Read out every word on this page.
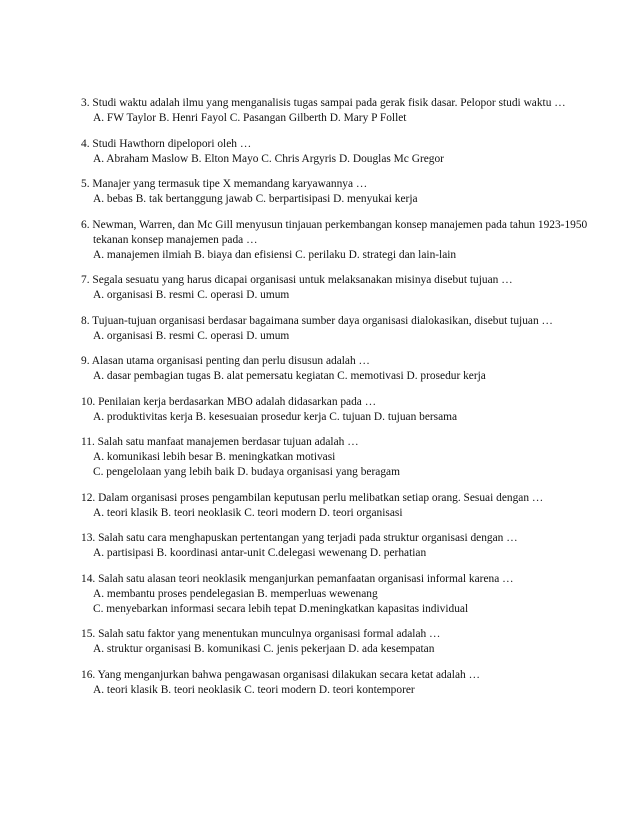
3. Studi waktu adalah ilmu yang menganalisis tugas sampai pada gerak fisik dasar. Pelopor studi waktu …
A. FW Taylor B. Henri Fayol C. Pasangan Gilberth D. Mary P Follet
4. Studi Hawthorn dipelopori oleh …
A. Abraham Maslow B. Elton Mayo C. Chris Argyris D. Douglas Mc Gregor
5. Manajer yang termasuk tipe X memandang karyawannya …
A. bebas B. tak bertanggung jawab C. berpartisipasi D. menyukai kerja
6. Newman, Warren, dan Mc Gill menyusun tinjauan perkembangan konsep manajemen pada tahun 1923-1950
tekanan konsep manajemen pada …
A. manajemen ilmiah B. biaya dan efisiensi C. perilaku D. strategi dan lain-lain
7. Segala sesuatu yang harus dicapai organisasi untuk melaksanakan misinya disebut tujuan …
A. organisasi B. resmi C. operasi D. umum
8. Tujuan-tujuan organisasi berdasar bagaimana sumber daya organisasi dialokasikan, disebut tujuan …
A. organisasi B. resmi C. operasi D. umum
9. Alasan utama organisasi penting dan perlu disusun adalah …
A. dasar pembagian tugas B. alat pemersatu kegiatan C. memotivasi D. prosedur kerja
10. Penilaian kerja berdasarkan MBO adalah didasarkan pada …
A. produktivitas kerja B. kesesuaian prosedur kerja C. tujuan D. tujuan bersama
11. Salah satu manfaat manajemen berdasar tujuan adalah …
A. komunikasi lebih besar B. meningkatkan motivasi
C. pengelolaan yang lebih baik D. budaya organisasi yang beragam
12. Dalam organisasi proses pengambilan keputusan perlu melibatkan setiap orang. Sesuai dengan …
A. teori klasik B. teori neoklasik C. teori modern D. teori organisasi
13. Salah satu cara menghapuskan pertentangan yang terjadi pada struktur organisasi dengan …
A. partisipasi B. koordinasi antar-unit C.delegasi wewenang D. perhatian
14. Salah satu alasan teori neoklasik menganjurkan pemanfaatan organisasi informal karena …
A. membantu proses pendelegasian B. memperluas wewenang
C. menyebarkan informasi secara lebih tepat D.meningkatkan kapasitas individual
15. Salah satu faktor yang menentukan munculnya organisasi formal adalah …
A. struktur organisasi B. komunikasi C. jenis pekerjaan D. ada kesempatan
16. Yang menganjurkan bahwa pengawasan organisasi dilakukan secara ketat adalah …
A. teori klasik B. teori neoklasik C. teori modern D. teori kontemporer
